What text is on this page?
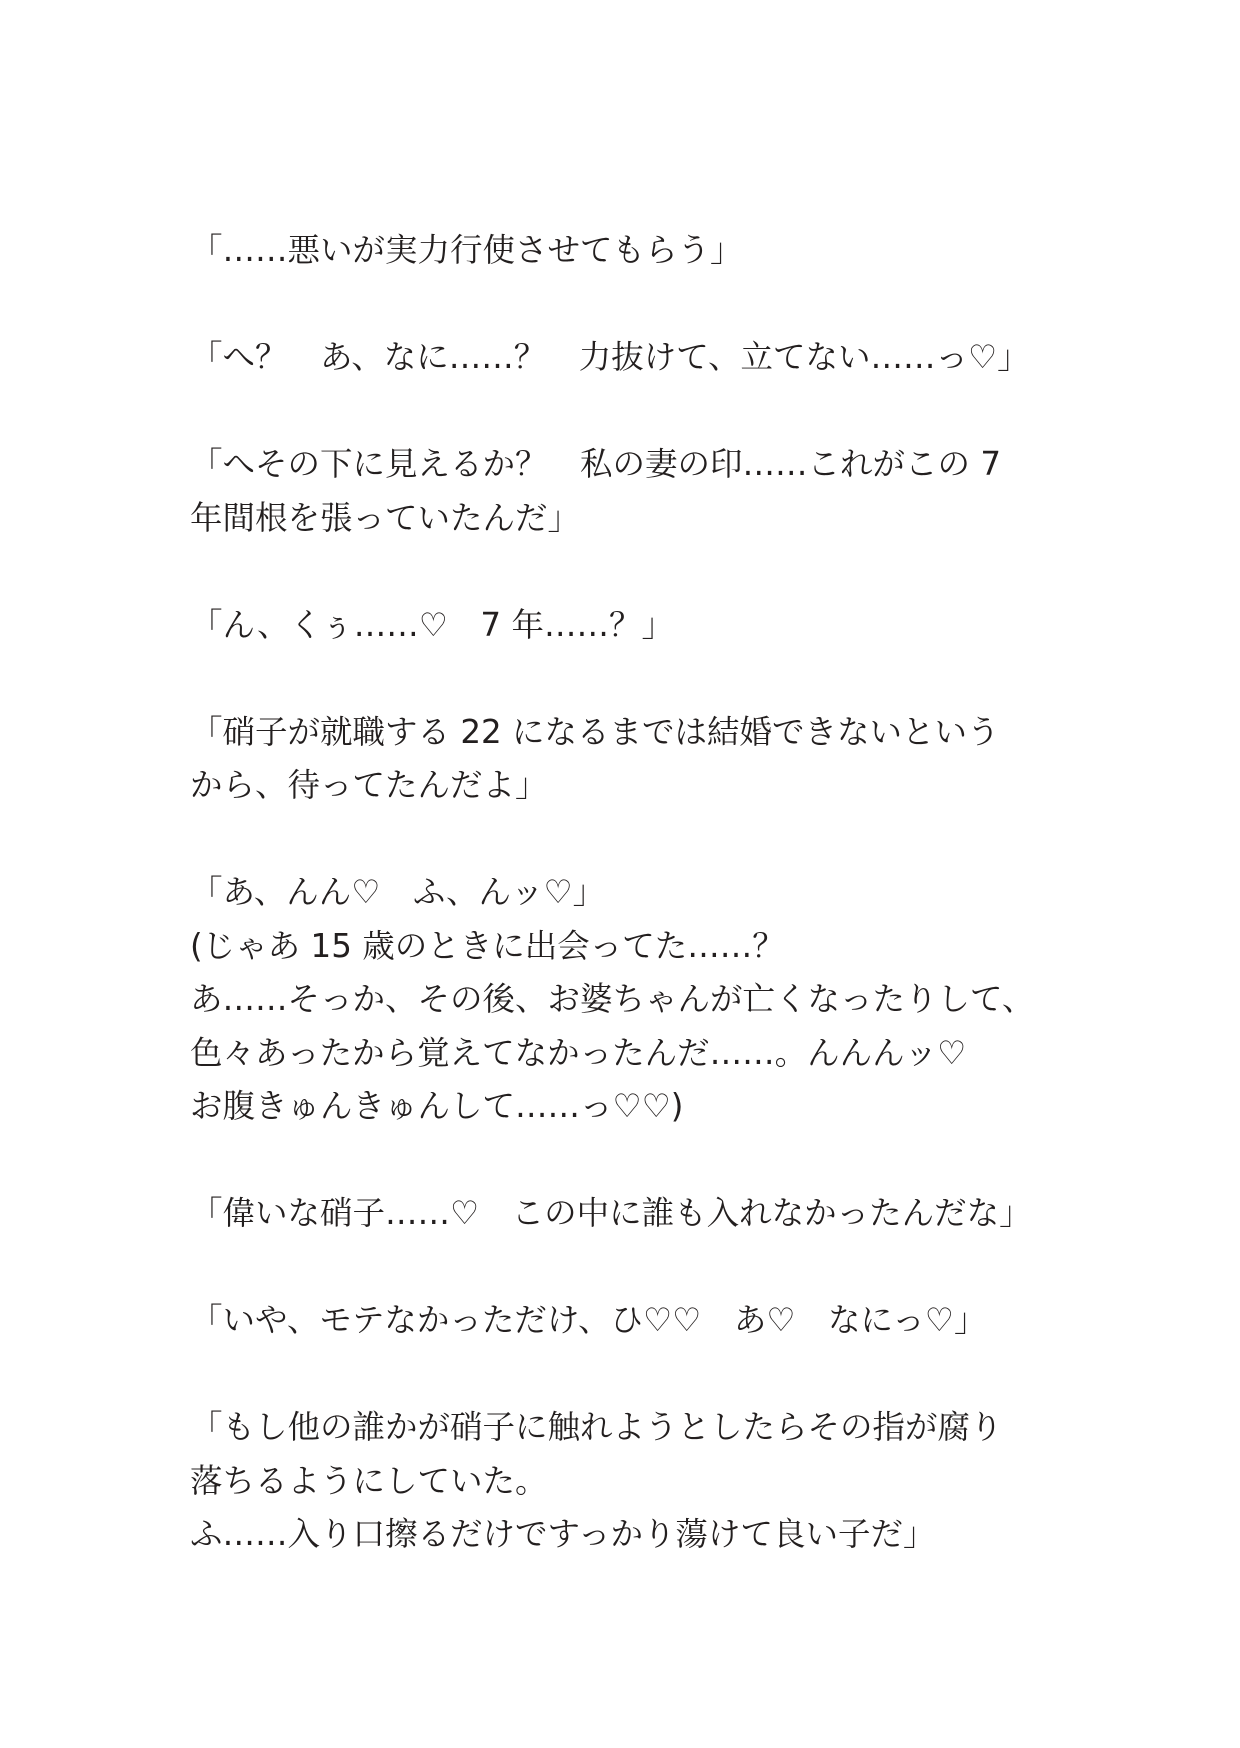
「……悪いが実力行使させてもらう」
「へ？　あ、なに……？　力抜けて、立てない……っ♡」
「へその下に見えるか？　私の妻の印……これがこの 7
年間根を張っていたんだ」
「ん、くぅ……♡　7 年……？」
「硝子が就職する 22 になるまでは結婚できないという
から、待ってたんだよ」
「あ、んん♡　ふ、んッ♡」
(じゃあ 15 歳のときに出会ってた……？
あ……そっか、その後、お婆ちゃんが亡くなったりして、
色々あったから覚えてなかったんだ……。んんんッ♡
お腹きゅんきゅんして……っ♡♡)
「偉いな硝子……♡　この中に誰も入れなかったんだな」
「いや、モテなかっただけ、ひ♡♡　あ♡　なにっ♡」
「もし他の誰かが硝子に触れようとしたらその指が腐り
落ちるようにしていた。
ふ……入り口擦るだけですっかり蕩けて良い子だ」
